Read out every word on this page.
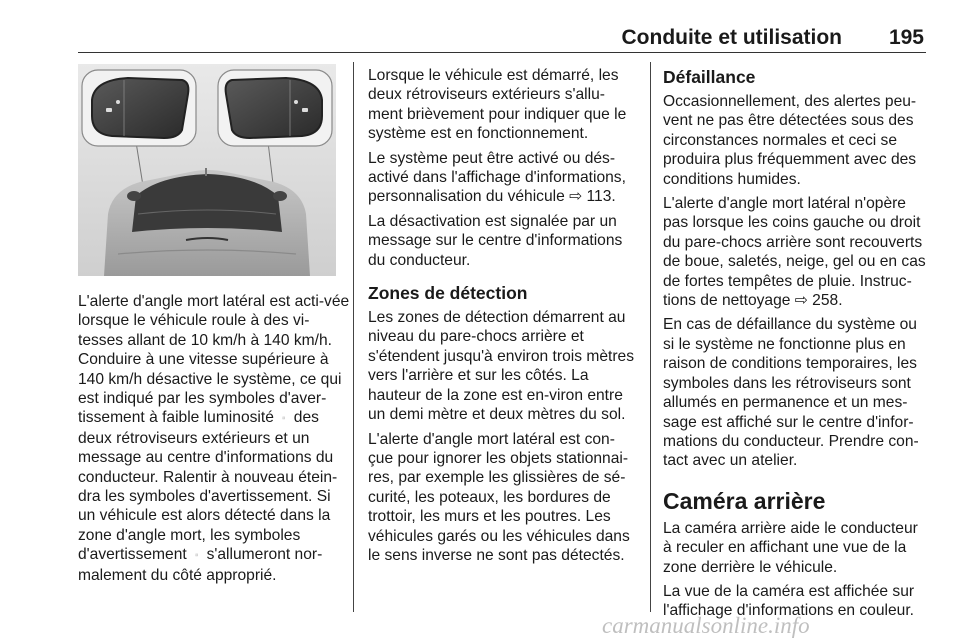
Conduite et utilisation 195

L'alerte d'angle mort latéral est acti-vée lorsque le véhicule roule à des vi-tesses allant de 10 km/h à 140 km/h. Conduire à une vitesse supérieure à 140 km/h désactive le système, ce qui est indiqué par les symboles d'aver-tissement à faible luminosité ▫️ des deux rétroviseurs extérieurs et un message au centre d'informations du conducteur. Ralentir à nouveau étein-dra les symboles d'avertissement. Si un véhicule est alors détecté dans la zone d'angle mort, les symboles d'avertissement ▫️ s'allumeront nor-malement du côté approprié.

Lorsque le véhicule est démarré, les deux rétroviseurs extérieurs s'allu-ment brièvement pour indiquer que le système est en fonctionnement.

Le système peut être activé ou dés-activé dans l'affichage d'informations, personnalisation du véhicule ⇨ 113.

La désactivation est signalée par un message sur le centre d'informations du conducteur.

Zones de détection

Les zones de détection démarrent au niveau du pare-chocs arrière et s'étendent jusqu'à environ trois mètres vers l'arrière et sur les côtés. La hauteur de la zone est en-viron entre un demi mètre et deux mètres du sol.

L'alerte d'angle mort latéral est con-çue pour ignorer les objets stationnai-res, par exemple les glissières de sé-curité, les poteaux, les bordures de trottoir, les murs et les poutres. Les véhicules garés ou les véhicules dans le sens inverse ne sont pas détectés.

Défaillance

Occasionnellement, des alertes peu-vent ne pas être détectées sous des circonstances normales et ceci se produira plus fréquemment avec des conditions humides.

L'alerte d'angle mort latéral n'opère pas lorsque les coins gauche ou droit du pare-chocs arrière sont recouverts de boue, saletés, neige, gel ou en cas de fortes tempêtes de pluie. Instruc-tions de nettoyage ⇨ 258.

En cas de défaillance du système ou si le système ne fonctionne plus en raison de conditions temporaires, les symboles dans les rétroviseurs sont allumés en permanence et un mes-sage est affiché sur le centre d'infor-mations du conducteur. Prendre con-tact avec un atelier.

Caméra arrière

La caméra arrière aide le conducteur à reculer en affichant une vue de la zone derrière le véhicule.

La vue de la caméra est affichée sur l'affichage d'informations en couleur.

carmanualsonline.info
